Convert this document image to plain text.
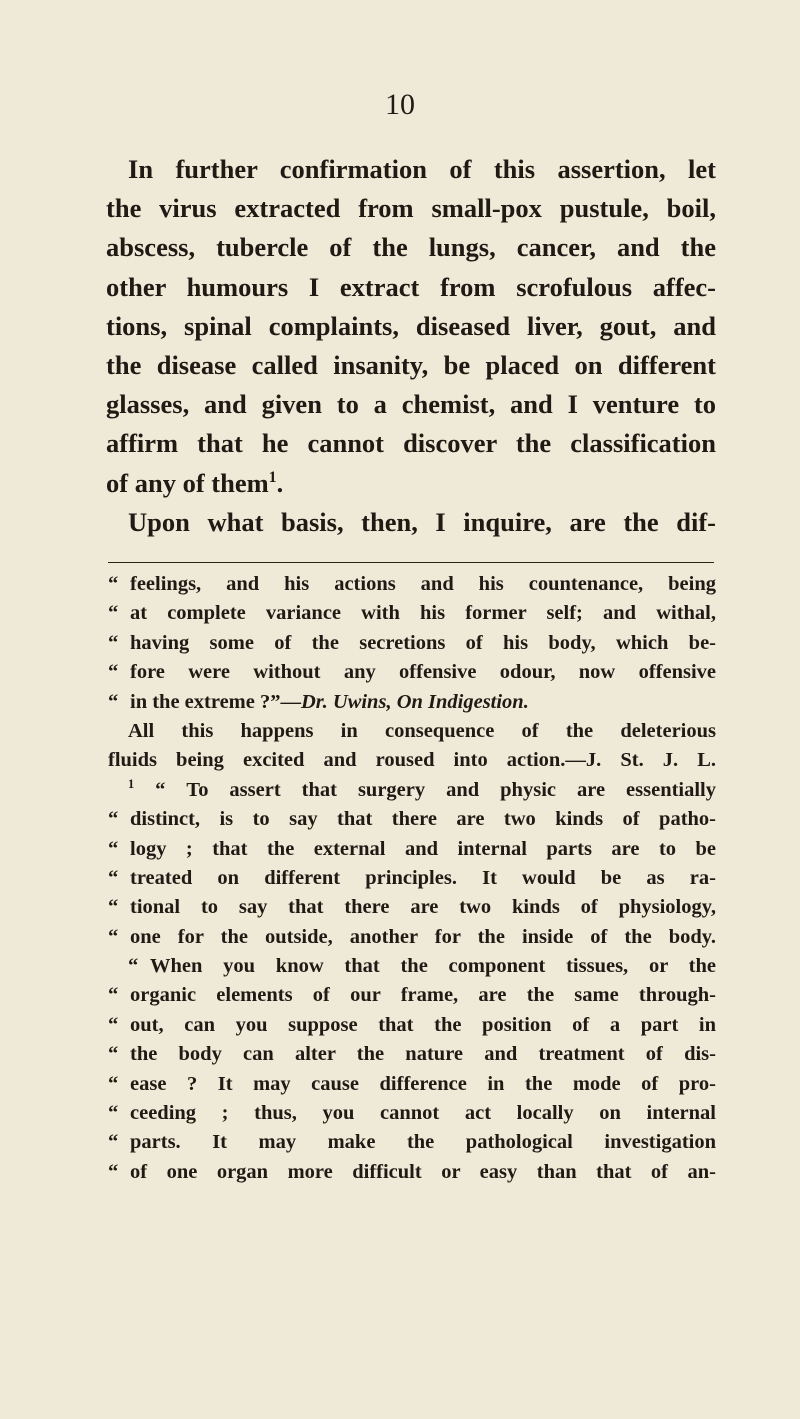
10
In further confirmation of this assertion, let
the virus extracted from small-pox pustule, boil,
abscess, tubercle of the lungs, cancer, and the
other humours I extract from scrofulous affec-
tions, spinal complaints, diseased liver, gout, and
the disease called insanity, be placed on different
glasses, and given to a chemist, and I venture to
affirm that he cannot discover the classification
of any of them$^1$.
Upon what basis, then, I inquire, are the dif-
“ feelings, and his actions and his countenance, being
“ at complete variance with his former self; and withal,
“ having some of the secretions of his body, which be-
“ fore were without any offensive odour, now offensive
“ in the extreme ?”—Dr. Uwins, On Indigestion.
All this happens in consequence of the deleterious
fluids being excited and roused into action.—J. St. J. L.
$^1$ “ To assert that surgery and physic are essentially
“ distinct, is to say that there are two kinds of patho-
“ logy ; that the external and internal parts are to be
“ treated on different principles. It would be as ra-
“ tional to say that there are two kinds of physiology,
“ one for the outside, another for the inside of the body.
“ When you know that the component tissues, or the
“ organic elements of our frame, are the same through-
“ out, can you suppose that the position of a part in
“ the body can alter the nature and treatment of dis-
“ ease ? It may cause difference in the mode of pro-
“ ceeding ; thus, you cannot act locally on internal
“ parts. It may make the pathological investigation
“ of one organ more difficult or easy than that of an-
